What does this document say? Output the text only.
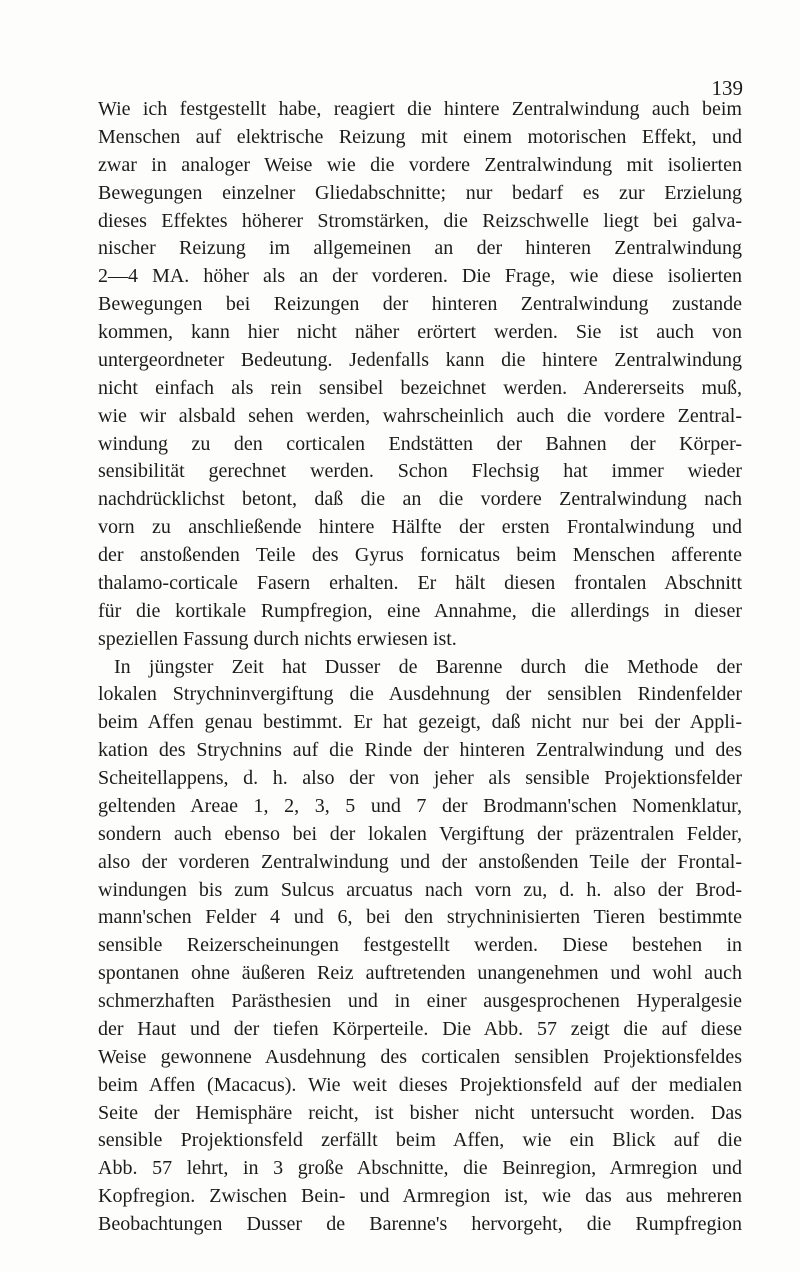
139
Wie ich festgestellt habe, reagiert die hintere Zentralwindung auch beim
Menschen auf elektrische Reizung mit einem motorischen Effekt, und
zwar in analoger Weise wie die vordere Zentralwindung mit isolierten
Bewegungen einzelner Gliedabschnitte; nur bedarf es zur Erzielung
dieses Effektes höherer Stromstärken, die Reizschwelle liegt bei galva-
nischer Reizung im allgemeinen an der hinteren Zentralwindung
2—4 MA. höher als an der vorderen. Die Frage, wie diese isolierten
Bewegungen bei Reizungen der hinteren Zentralwindung zustande
kommen, kann hier nicht näher erörtert werden. Sie ist auch von
untergeordneter Bedeutung. Jedenfalls kann die hintere Zentralwindung
nicht einfach als rein sensibel bezeichnet werden. Andererseits muß,
wie wir alsbald sehen werden, wahrscheinlich auch die vordere Zentral-
windung zu den corticalen Endstätten der Bahnen der Körper-
sensibilität gerechnet werden. Schon Flechsig hat immer wieder
nachdrücklichst betont, daß die an die vordere Zentralwindung nach
vorn zu anschließende hintere Hälfte der ersten Frontalwindung und
der anstoßenden Teile des Gyrus fornicatus beim Menschen afferente
thalamo-corticale Fasern erhalten. Er hält diesen frontalen Abschnitt
für die kortikale Rumpfregion, eine Annahme, die allerdings in dieser
speziellen Fassung durch nichts erwiesen ist.
In jüngster Zeit hat Dusser de Barenne durch die Methode der
lokalen Strychninvergiftung die Ausdehnung der sensiblen Rindenfelder
beim Affen genau bestimmt. Er hat gezeigt, daß nicht nur bei der Appli-
kation des Strychnins auf die Rinde der hinteren Zentralwindung und des
Scheitellappens, d. h. also der von jeher als sensible Projektionsfelder
geltenden Areae 1, 2, 3, 5 und 7 der Brodmann'schen Nomenklatur,
sondern auch ebenso bei der lokalen Vergiftung der präzentralen Felder,
also der vorderen Zentralwindung und der anstoßenden Teile der Frontal-
windungen bis zum Sulcus arcuatus nach vorn zu, d. h. also der Brod-
mann'schen Felder 4 und 6, bei den strychninisierten Tieren bestimmte
sensible Reizerscheinungen festgestellt werden. Diese bestehen in
spontanen ohne äußeren Reiz auftretenden unangenehmen und wohl auch
schmerzhaften Parästhesien und in einer ausgesprochenen Hyperalgesie
der Haut und der tiefen Körperteile. Die Abb. 57 zeigt die auf diese
Weise gewonnene Ausdehnung des corticalen sensiblen Projektionsfeldes
beim Affen (Macacus). Wie weit dieses Projektionsfeld auf der medialen
Seite der Hemisphäre reicht, ist bisher nicht untersucht worden. Das
sensible Projektionsfeld zerfällt beim Affen, wie ein Blick auf die
Abb. 57 lehrt, in 3 große Abschnitte, die Beinregion, Armregion und
Kopfregion. Zwischen Bein- und Armregion ist, wie das aus mehreren
Beobachtungen Dusser de Barenne's hervorgeht, die Rumpfregion
